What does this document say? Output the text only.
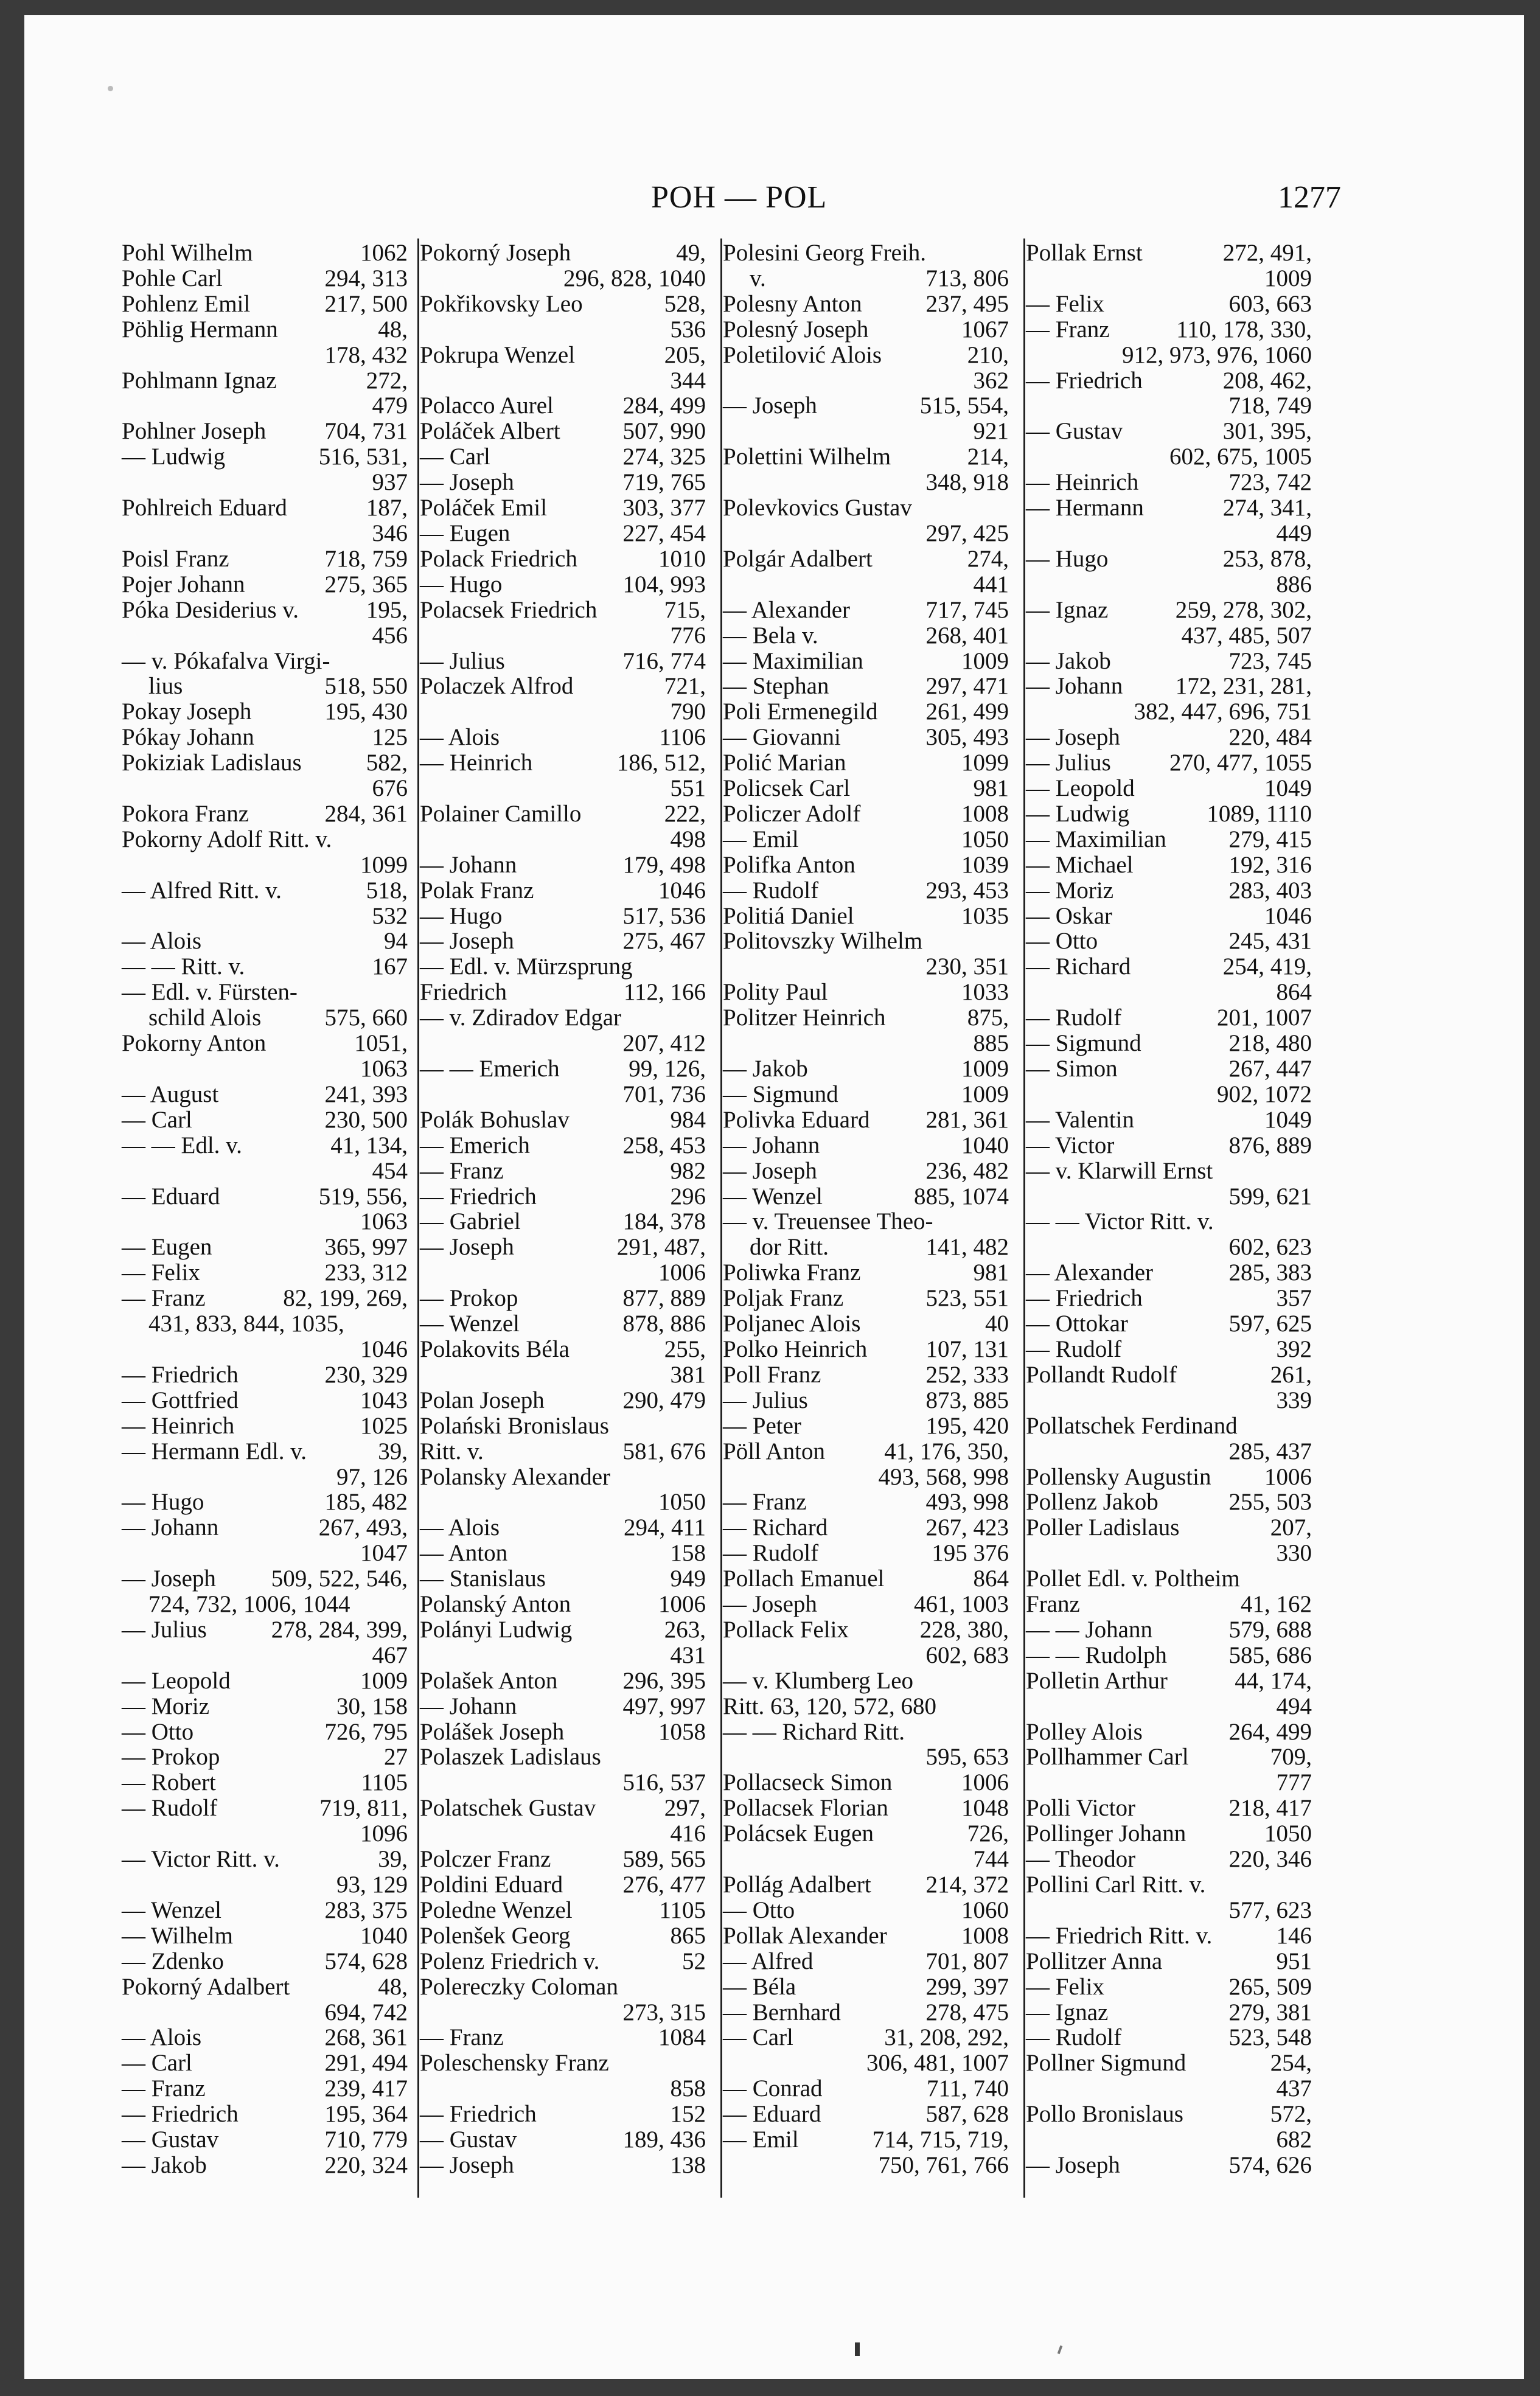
POH — POL	1277
Pohl Wilhelm	1062
Pohle Carl	294, 313
Pohlenz Emil	217, 500
Pöhlig Hermann	48,
178, 432
Pohlmann Ignaz	272,
479
Pohlner Joseph 704, 731
— Ludwig	516, 531,
937
Pohlreich Eduard	187,
346
Poisl Franz	718, 759
Pojer Johann	275, 365
Póka Desiderius v.	195,
456
— v. Pókafalva Virgi-
lius	518, 550
Pokay Joseph	195, 430
Pókay Johann	125
Pokiziak Ladislaus	582,
676
Pokora Franz	284, 361
Pokorny Adolf Ritt. v.
1099
— Alfred Ritt. v.	518,
532
— Alois	94
— — Ritt. v.	167
— Edl. v. Fürsten-
schild Alois	575, 660
Pokorny Anton	1051,
1063
— August	241, 393
— Carl	230, 500
— — Edl. v.	41, 134,
454
— Eduard	519, 556,
1063
— Eugen	365, 997
— Felix	233, 312
— Franz	82, 199, 269,
431, 833, 844, 1035,
1046
— Friedrich	230, 329
— Gottfried	1043
— Heinrich	1025
— Hermann Edl. v.	39,
97, 126
— Hugo	185, 482
— Johann	267, 493,
1047
— Joseph 509, 522, 546,
724, 732, 1006, 1044
— Julius	278, 284, 399,
467
— Leopold	1009
— Moriz	30, 158
— Otto	726, 795
— Prokop	27
— Robert	1105
— Rudolf	719, 811,
1096
— Victor Ritt. v.	39,
93, 129
— Wenzel	283, 375
— Wilhelm	1040
— Zdenko	574, 628
Pokorný Adalbert	48,
694, 742
— Alois	268, 361
— Carl	291, 494
— Franz	239, 417
— Friedrich	195, 364
— Gustav	710, 779
— Jakob	220, 324
Pokorný Joseph	49,
296, 828, 1040
Pokřikovsky Leo	528,
536
Pokrupa Wenzel	205,
344
Polacco Aurel	284, 499
Poláček Albert	507, 990
— Carl	274, 325
— Joseph	719, 765
Poláček Emil	303, 377
— Eugen	227, 454
Polack Friedrich	1010
— Hugo	104, 993
Polacsek Friedrich	715,
776
— Julius	716, 774
Polaczek Alfrod	721,
790
— Alois	1106
— Heinrich	186, 512,
551
Polainer Camillo	222,
498
— Johann	179, 498
Polak Franz	1046
— Hugo	517, 536
— Joseph	275, 467
— Edl. v. Mürzsprung
Friedrich	112, 166
— v. Zdiradov Edgar
207, 412
— — Emerich	99, 126,
701, 736
Polák Bohuslav	984
— Emerich	258, 453
— Franz	982
— Friedrich	296
— Gabriel	184, 378
— Joseph	291, 487,
1006
— Prokop	877, 889
— Wenzel	878, 886
Polakovits Béla	255,
381
Polan Joseph	290, 479
Polański Bronislaus
Ritt. v.	581, 676
Polansky Alexander
1050
— Alois	294, 411
— Anton	158
— Stanislaus	949
Polanský Anton	1006
Polányi Ludwig	263,
431
Polašek Anton	296, 395
— Johann	497, 997
Polášek Joseph	1058
Polaszek Ladislaus
516, 537
Polatschek Gustav	297,
416
Polczer Franz	589, 565
Poldini Eduard	276, 477
Poledne Wenzel	1105
Polenšek Georg	865
Polenz Friedrich v.	52
Polereczky Coloman
273, 315
— Franz	1084
Poleschensky Franz
858
— Friedrich	152
— Gustav	189, 436
— Joseph	138
Polesini Georg Freih.
v.	713, 806
Polesny Anton	237, 495
Polesný Joseph	1067
Poletilović Alois	210,
362
— Joseph	515, 554,
921
Polettini Wilhelm	214,
348, 918
Polevkovics Gustav
297, 425
Polgár Adalbert	274,
441
— Alexander	717, 745
— Bela v.	268, 401
— Maximilian	1009
— Stephan	297, 471
Poli Ermenegild 261, 499
— Giovanni	305, 493
Polić Marian	1099
Policsek Carl	981
Policzer Adolf	1008
— Emil	1050
Polifka Anton	1039
— Rudolf	293, 453
Politiá Daniel	1035
Politovszky Wilhelm
230, 351
Polity Paul	1033
Politzer Heinrich	875,
885
— Jakob	1009
— Sigmund	1009
Polivka Eduard 281, 361
— Johann	1040
— Joseph	236, 482
— Wenzel	885, 1074
— v. Treuensee Theo-
dor Ritt.	141, 482
Poliwka Franz	981
Poljak Franz	523, 551
Poljanec Alois	40
Polko Heinrich 107, 131
Poll Franz	252, 333
— Julius	873, 885
— Peter	195, 420
Pöll Anton 41, 176, 350,
493, 568, 998
— Franz	493, 998
— Richard	267, 423
— Rudolf	195 376
Pollach Emanuel	864
— Joseph	461, 1003
Pollack Felix	228, 380,
602, 683
— v. Klumberg Leo
Ritt. 63, 120, 572, 680
— — Richard Ritt.
595, 653
Pollacseck Simon	1006
Pollacsek Florian	1048
Polácsek Eugen	726,
744
Pollág Adalbert 214, 372
— Otto	1060
Pollak Alexander	1008
— Alfred	701, 807
— Béla	299, 397
— Bernhard	278, 475
— Carl	31, 208, 292,
306, 481, 1007
— Conrad	711, 740
— Eduard	587, 628
— Emil	714, 715, 719,
750, 761, 766
Pollak Ernst	272, 491,
1009
— Felix	603, 663
— Franz	110, 178, 330,
912, 973, 976, 1060
— Friedrich	208, 462,
718, 749
— Gustav	301, 395,
602, 675, 1005
— Heinrich	723, 742
— Hermann	274, 341,
449
— Hugo	253, 878,
886
— Ignaz	259, 278, 302,
437, 485, 507
— Jakob	723, 745
— Johann 172, 231, 281,
382, 447, 696, 751
— Joseph	220, 484
— Julius 270, 477, 1055
— Leopold	1049
— Ludwig	1089, 1110
— Maximilian	279, 415
— Michael	192, 316
— Moriz	283, 403
— Oskar	1046
— Otto	245, 431
— Richard	254, 419,
864
— Rudolf	201, 1007
— Sigmund	218, 480
— Simon	267, 447
902, 1072
— Valentin	1049
— Victor	876, 889
— v. Klarwill Ernst
599, 621
— — Victor Ritt. v.
602, 623
— Alexander	285, 383
— Friedrich	357
— Ottokar	597, 625
— Rudolf	392
Pollandt Rudolf	261,
339
Pollatschek Ferdinand
285, 437
Pollensky Augustin 1006
Pollenz Jakob	255, 503
Poller Ladislaus	207,
330
Pollet Edl. v. Poltheim
Franz	41, 162
— — Johann	579, 688
— — Rudolph	585, 686
Polletin Arthur	44, 174,
494
Polley Alois	264, 499
Pollhammer Carl	709,
777
Polli Victor	218, 417
Pollinger Johann	1050
— Theodor	220, 346
Pollini Carl Ritt. v.
577, 623
— Friedrich Ritt. v.	146
Pollitzer Anna	951
— Felix	265, 509
— Ignaz	279, 381
— Rudolf	523, 548
Pollner Sigmund	254,
437
Pollo Bronislaus	572,
682
— Joseph	574, 626
